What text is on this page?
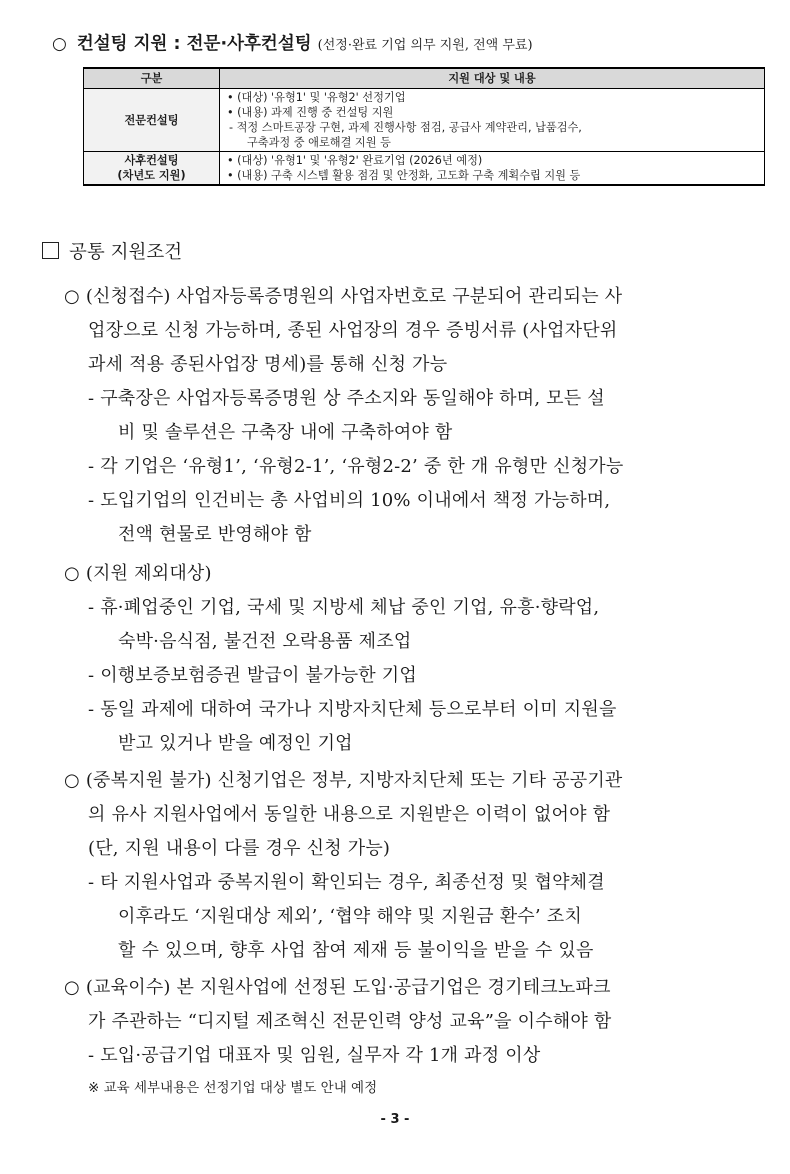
○ 컨설팅 지원 : 전문·사후컨설팅 (선정·완료 기업 의무 지원, 전액 무료)
구분	지원 대상 및 내용
전문컨설팅	• (대상) '유형1' 및 '유형2' 선정기업
• (내용) 과제 진행 중 컨설팅 지원
- 적정 스마트공장 구현, 과제 진행사항 점검, 공급사 계약관리, 납품검수,
구축과정 중 애로해결 지원 등

사후컨설팅
(차년도 지원)	• (대상) '유형1' 및 '유형2' 완료기업 (2026년 예정)
• (내용) 구축 시스템 활용 점검 및 안정화, 고도화 구축 계획수립 지원 등
공통 지원조건
○ (신청접수) 사업자등록증명원의 사업자번호로 구분되어 관리되는 사
업장으로 신청 가능하며, 종된 사업장의 경우 증빙서류 (사업자단위
과세 적용 종된사업장 명세)를 통해 신청 가능
- 구축장은 사업자등록증명원 상 주소지와 동일해야 하며, 모든 설
비 및 솔루션은 구축장 내에 구축하여야 함
- 각 기업은 ‘유형1’, ‘유형2-1’, ‘유형2-2’ 중 한 개 유형만 신청가능
- 도입기업의 인건비는 총 사업비의 10% 이내에서 책정 가능하며,
전액 현물로 반영해야 함
○ (지원 제외대상)
- 휴·폐업중인 기업, 국세 및 지방세 체납 중인 기업, 유흥·향락업,
숙박·음식점, 불건전 오락용품 제조업
- 이행보증보험증권 발급이 불가능한 기업
- 동일 과제에 대하여 국가나 지방자치단체 등으로부터 이미 지원을
받고 있거나 받을 예정인 기업
○ (중복지원 불가) 신청기업은 정부, 지방자치단체 또는 기타 공공기관
의 유사 지원사업에서 동일한 내용으로 지원받은 이력이 없어야 함
(단, 지원 내용이 다를 경우 신청 가능)
- 타 지원사업과 중복지원이 확인되는 경우, 최종선정 및 협약체결
이후라도 ‘지원대상 제외’, ‘협약 해약 및 지원금 환수’ 조치
할 수 있으며, 향후 사업 참여 제재 등 불이익을 받을 수 있음
○ (교육이수) 본 지원사업에 선정된 도입·공급기업은 경기테크노파크
가 주관하는 “디지털 제조혁신 전문인력 양성 교육”을 이수해야 함
- 도입·공급기업 대표자 및 임원, 실무자 각 1개 과정 이상
※ 교육 세부내용은 선정기업 대상 별도 안내 예정
- 3 -
